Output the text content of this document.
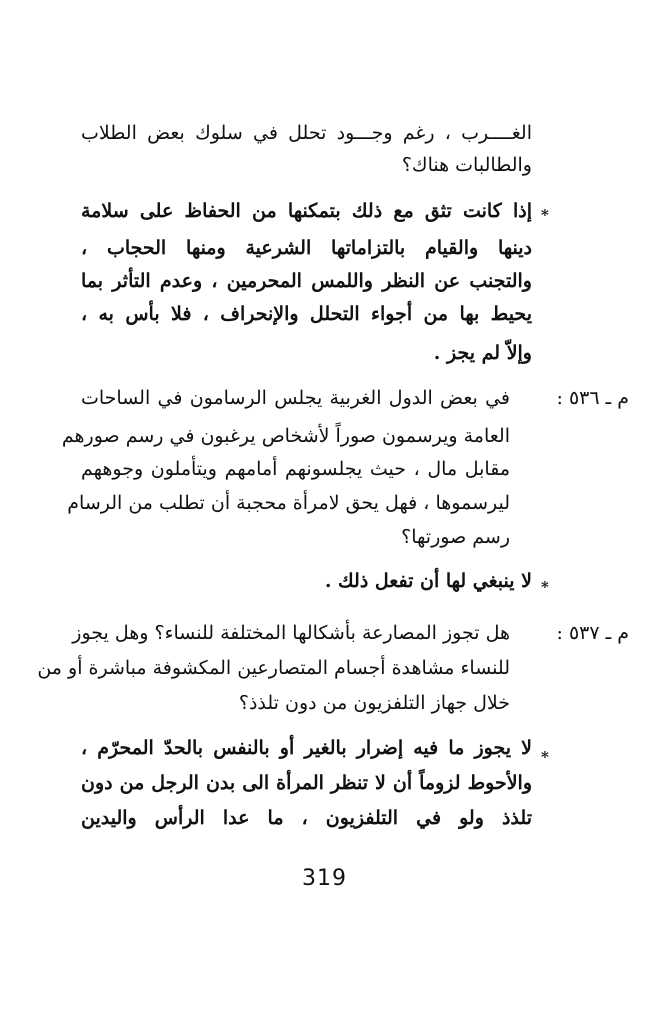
الغــــرب ، رغم وجـــود تحلل في سلوك بعض الطلاب
والطالبات هناك؟
*
إذا كانت تثق مع ذلك بتمكنها من الحفاظ على سلامة
دينها والقيام بالتزاماتها الشرعية ومنها الحجاب ،
والتجنب عن النظر واللمس المحرمين ، وعدم التأثر بما
يحيط بها من أجواء التحلل والإنحراف ، فلا بأس به ،
وإلاّ لم يجز .
م ـ ٥٣٦ :
في بعض الدول الغربية يجلس الرسامون في الساحات
العامة ويرسمون صوراً لأشخاص يرغبون في رسم صورهم
مقابل مال ، حيث يجلسونهم أمامهم ويتأملون وجوههم
ليرسموها ، فهل يحق لامرأة محجبة أن تطلب من الرسام
رسم صورتها؟
*
لا ينبغي لها أن تفعل ذلك .
م ـ ٥٣٧ :
هل تجوز المصارعة بأشكالها المختلفة للنساء؟ وهل يجوز
للنساء مشاهدة أجسام المتصارعين المكشوفة مباشرة أو من
خلال جهاز التلفزيون من دون تلذذ؟
*
لا يجوز ما فيه إضرار بالغير أو بالنفس بالحدّ المحرّم ،
والأحوط لزوماً أن لا تنظر المرأة الى بدن الرجل من دون
تلذذ ولو في التلفزيون ، ما عدا الرأس واليدين
319
